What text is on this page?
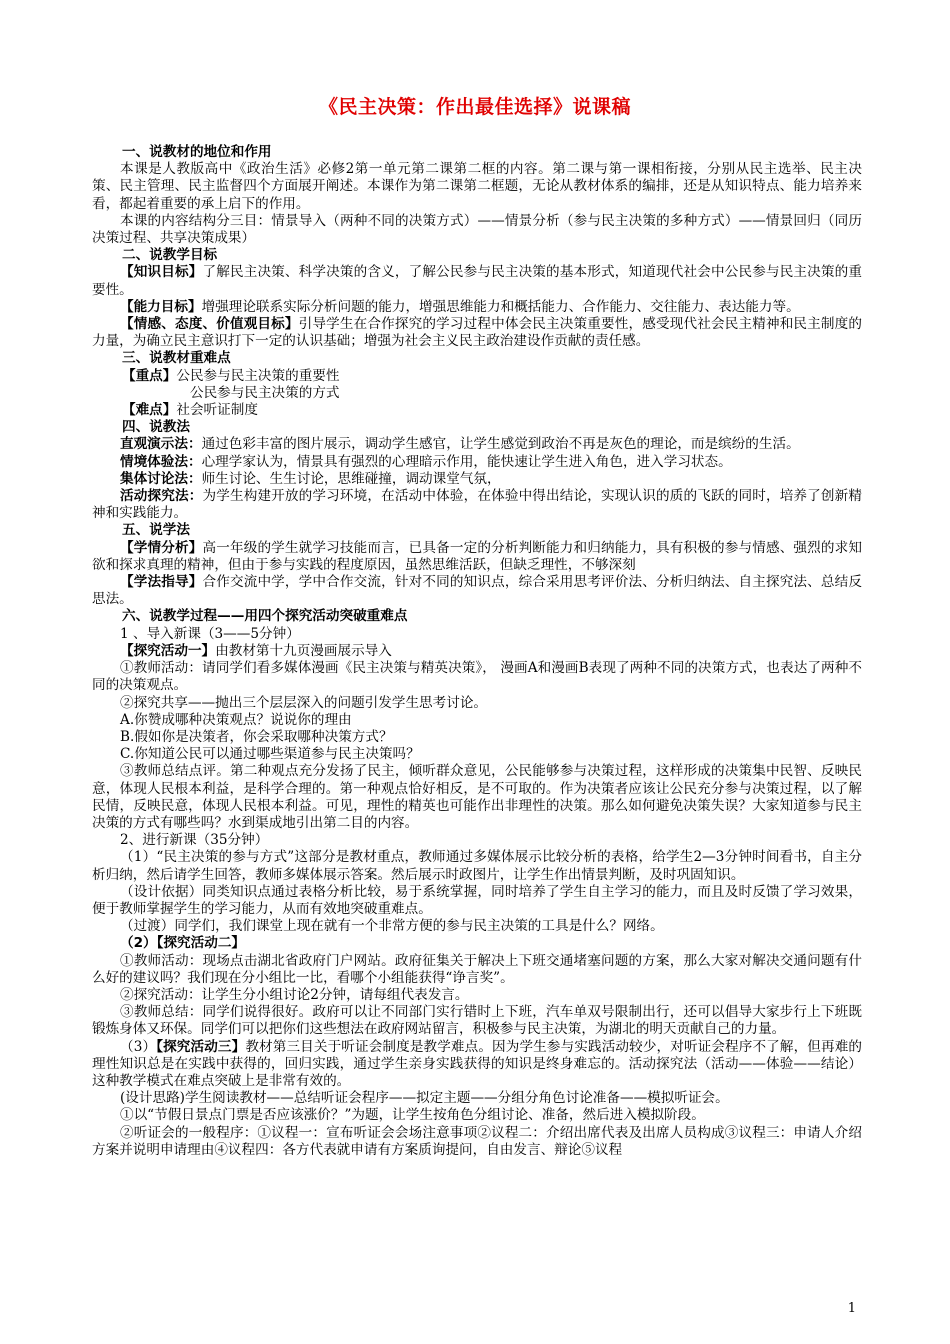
《民主决策：作出最佳选择》说课稿

一、说教材的地位和作用

本课是人教版高中《政治生活》必修2第一单元第二课第二框的内容。第二课与第一课相衔接，分别从民主选举、民主决策、民主管理、民主监督四个方面展开阐述。本课作为第二课第二框题，无论从教材体系的编排，还是从知识特点、能力培养来看，都起着重要的承上启下的作用。

本课的内容结构分三目：情景导入（两种不同的决策方式）——情景分析（参与民主决策的多种方式）——情景回归（同历决策过程、共享决策成果）

二、说教学目标

【知识目标】了解民主决策、科学决策的含义，了解公民参与民主决策的基本形式，知道现代社会中公民参与民主决策的重要性。

【能力目标】增强理论联系实际分析问题的能力，增强思维能力和概括能力、合作能力、交往能力、表达能力等。

【情感、态度、价值观目标】引导学生在合作探究的学习过程中体会民主决策重要性，感受现代社会民主精神和民主制度的力量，为确立民主意识打下一定的认识基础；增强为社会主义民主政治建设作贡献的责任感。

三、说教材重难点

【重点】公民参与民主决策的重要性

公民参与民主决策的方式

【难点】社会听证制度

四、说教法

直观演示法：通过色彩丰富的图片展示，调动学生感官，让学生感觉到政治不再是灰色的理论，而是缤纷的生活。

情境体验法：心理学家认为，情景具有强烈的心理暗示作用，能快速让学生进入角色，进入学习状态。

集体讨论法：师生讨论、生生讨论，思维碰撞，调动课堂气氛，

活动探究法：为学生构建开放的学习环境，在活动中体验，在体验中得出结论，实现认识的质的飞跃的同时，培养了创新精神和实践能力。

五、说学法

【学情分析】高一年级的学生就学习技能而言，已具备一定的分析判断能力和归纳能力，具有积极的参与情感、强烈的求知欲和探求真理的精神，但由于参与实践的程度原因，虽然思维活跃，但缺乏理性，不够深刻

【学法指导】合作交流中学，学中合作交流，针对不同的知识点，综合采用思考评价法、分析归纳法、自主探究法、总结反思法。

六、说教学过程——用四个探究活动突破重难点

1 、导入新课（3——5分钟）

【探究活动一】由教材第十九页漫画展示导入

①教师活动：请同学们看多媒体漫画《民主决策与精英决策》， 漫画A和漫画B表现了两种不同的决策方式，也表达了两种不同的决策观点。

②探究共享——抛出三个层层深入的问题引发学生思考讨论。

A.你赞成哪种决策观点？说说你的理由

B.假如你是决策者，你会采取哪种决策方式？

C.你知道公民可以通过哪些渠道参与民主决策吗？

③教师总结点评。第二种观点充分发扬了民主，倾听群众意见，公民能够参与决策过程，这样形成的决策集中民智、反映民意，体现人民根本利益，是科学合理的。第一种观点恰好相反，是不可取的。作为决策者应该让公民充分参与决策过程，以了解民情，反映民意，体现人民根本利益。可见，理性的精英也可能作出非理性的决策。那么如何避免决策失误？大家知道参与民主决策的方式有哪些吗？水到渠成地引出第二目的内容。

2、进行新课（35分钟）

（1）“民主决策的参与方式”这部分是教材重点，教师通过多媒体展示比较分析的表格，给学生2—3分钟时间看书，自主分析归纳，然后请学生回答，教师多媒体展示答案。然后展示时政图片，让学生作出情景判断，及时巩固知识。

（设计依据）同类知识点通过表格分析比较，易于系统掌握，同时培养了学生自主学习的能力，而且及时反馈了学习效果，便于教师掌握学生的学习能力，从而有效地突破重难点。

（过渡）同学们，我们课堂上现在就有一个非常方便的参与民主决策的工具是什么？网络。

（2）【探究活动二】

①教师活动：现场点击湖北省政府门户网站。政府征集关于解决上下班交通堵塞问题的方案，那么大家对解决交通问题有什么好的建议吗？我们现在分小组比一比，看哪个小组能获得“诤言奖”。

②探究活动：让学生分小组讨论2分钟，请每组代表发言。

③教师总结：同学们说得很好。政府可以让不同部门实行错时上下班，汽车单双号限制出行，还可以倡导大家步行上下班既锻炼身体又环保。同学们可以把你们这些想法在政府网站留言，积极参与民主决策，为湖北的明天贡献自己的力量。

（3）【探究活动三】教材第三目关于听证会制度是教学难点。因为学生参与实践活动较少，对听证会程序不了解，但再难的理性知识总是在实践中获得的，回归实践，通过学生亲身实践获得的知识是终身难忘的。活动探究法（活动——体验——结论）这种教学模式在难点突破上是非常有效的。

(设计思路)学生阅读教材——总结听证会程序——拟定主题——分组分角色讨论准备——模拟听证会。

①以“节假日景点门票是否应该涨价？”为题，让学生按角色分组讨论、准备，然后进入模拟阶段。

②听证会的一般程序：①议程一：宣布听证会会场注意事项②议程二：介绍出席代表及出席人员构成③议程三：申请人介绍方案并说明申请理由④议程四：各方代表就申请有方案质询提问，自由发言、辩论⑤议程

1
